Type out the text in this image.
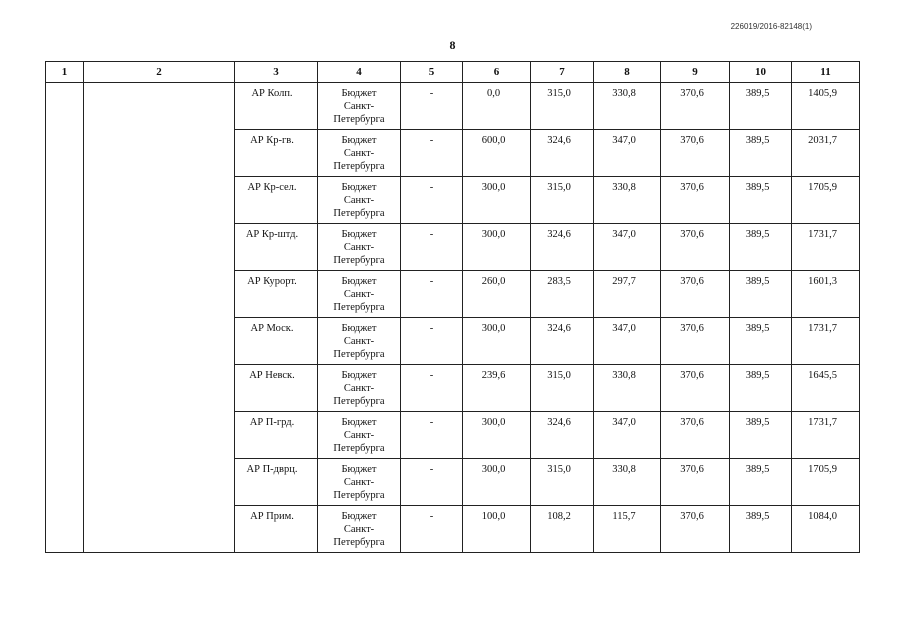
226019/2016-82148(1)
8
1	2	3	4	5	6	7	8	9	10	11

		АР Колп.	Бюджет
Санкт-
Петербурга	-	0,0	315,0	330,8	370,6	389,5	1405,9

		АР Кр-гв.	Бюджет
Санкт-
Петербурга	-	600,0	324,6	347,0	370,6	389,5	2031,7

		АР Кр-сел.	Бюджет
Санкт-
Петербурга	-	300,0	315,0	330,8	370,6	389,5	1705,9

		АР Кр-штд.	Бюджет
Санкт-
Петербурга	-	300,0	324,6	347,0	370,6	389,5	1731,7

		АР Курорт.	Бюджет
Санкт-
Петербурга	-	260,0	283,5	297,7	370,6	389,5	1601,3

		АР Моск.	Бюджет
Санкт-
Петербурга	-	300,0	324,6	347,0	370,6	389,5	1731,7

		АР Невск.	Бюджет
Санкт-
Петербурга	-	239,6	315,0	330,8	370,6	389,5	1645,5

		АР П-грд.	Бюджет
Санкт-
Петербурга	-	300,0	324,6	347,0	370,6	389,5	1731,7

		АР П-дврц.	Бюджет
Санкт-
Петербурга	-	300,0	315,0	330,8	370,6	389,5	1705,9

		АР Прим.	Бюджет
Санкт-
Петербурга	-	100,0	108,2	115,7	370,6	389,5	1084,0
